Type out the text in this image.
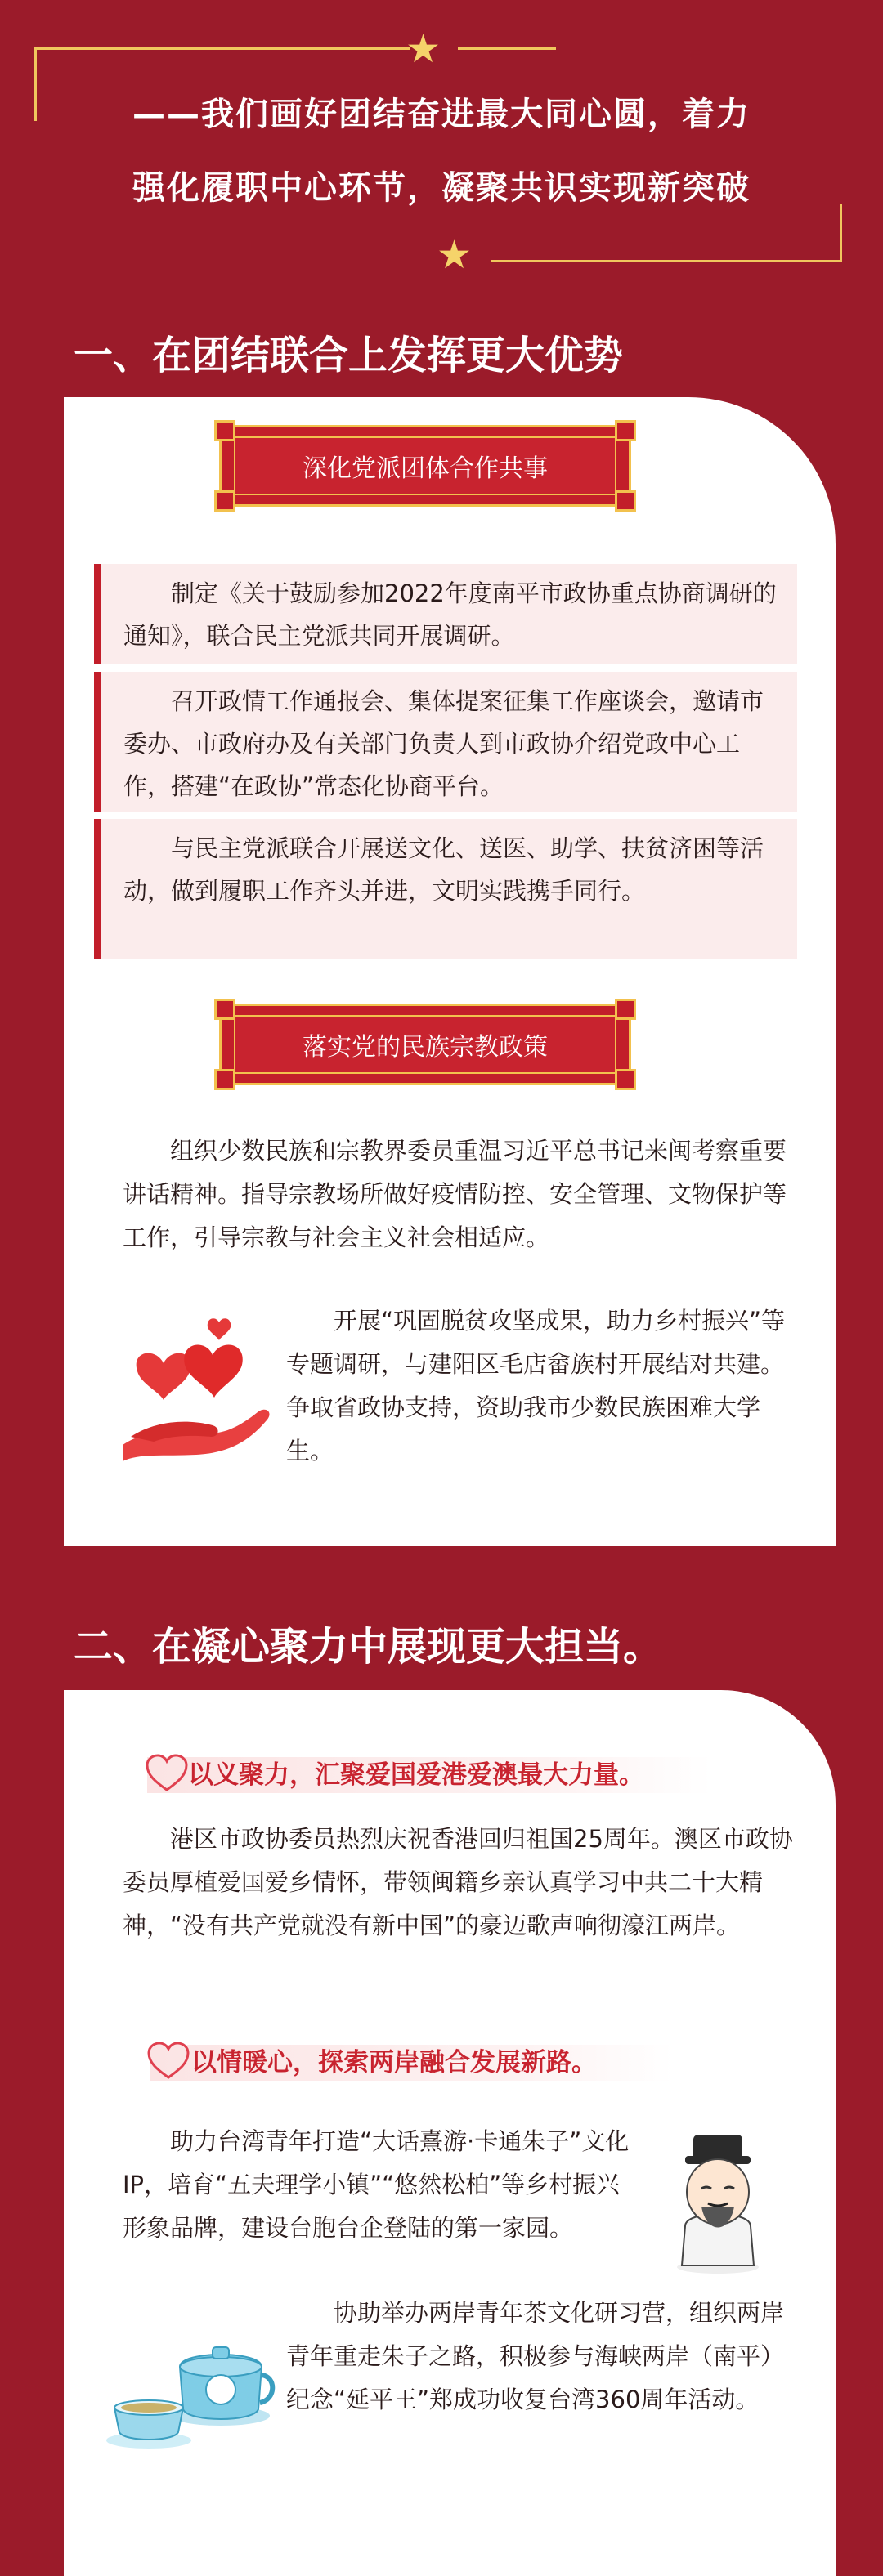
★
——我们画好团结奋进最大同心圆，着力
强化履职中心环节，凝聚共识实现新突破
★
一、在团结联合上发挥更大优势
深化党派团体合作共事

制定《关于鼓励参加2022年度南平市政协重点协商调研的通知》，联合民主党派共同开展调研。

召开政情工作通报会、集体提案征集工作座谈会，邀请市委办、市政府办及有关部门负责人到市政协介绍党政中心工作，搭建“在政协”常态化协商平台。

与民主党派联合开展送文化、送医、助学、扶贫济困等活动，做到履职工作齐头并进，文明实践携手同行。

落实党的民族宗教政策

组织少数民族和宗教界委员重温习近平总书记来闽考察重要讲话精神。指导宗教场所做好疫情防控、安全管理、文物保护等工作，引导宗教与社会主义社会相适应。

开展“巩固脱贫攻坚成果，助力乡村振兴”等专题调研，与建阳区毛店畲族村开展结对共建。争取省政协支持，资助我市少数民族困难大学生。

二、在凝心聚力中展现更大担当。
以义聚力，汇聚爱国爱港爱澳最大力量。

港区市政协委员热烈庆祝香港回归祖国25周年。澳区市政协委员厚植爱国爱乡情怀，带领闽籍乡亲认真学习中共二十大精神，“没有共产党就没有新中国”的豪迈歌声响彻濠江两岸。

以情暖心，探索两岸融合发展新路。

助力台湾青年打造“大话熹游·卡通朱子”文化IP，培育“五夫理学小镇”“悠然松柏”等乡村振兴形象品牌，建设台胞台企登陆的第一家园。

协助举办两岸青年茶文化研习营，组织两岸青年重走朱子之路，积极参与海峡两岸（南平）纪念“延平王”郑成功收复台湾360周年活动。
